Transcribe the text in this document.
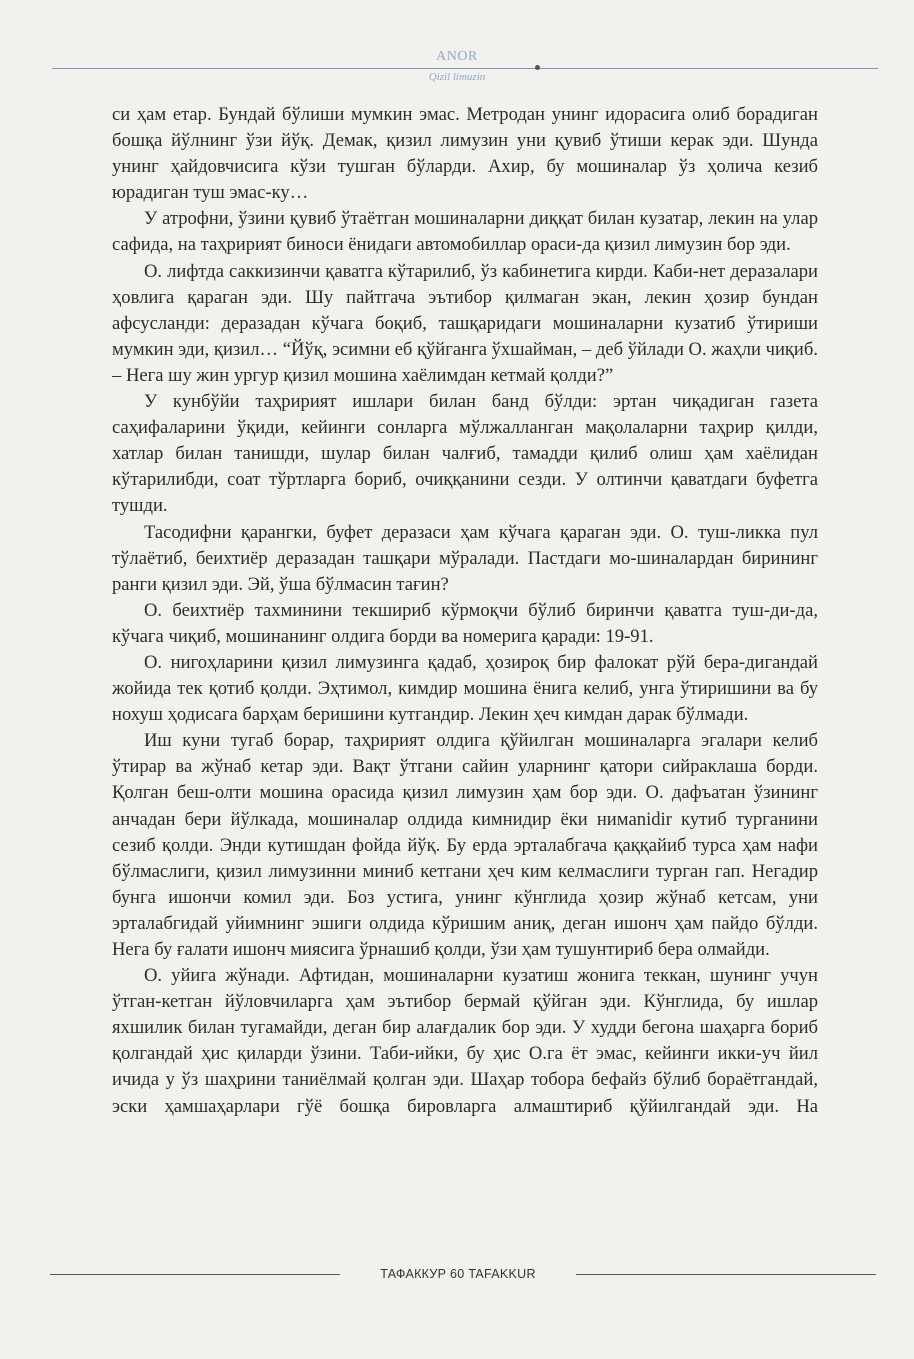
ANOR
Qizil limuzin

си ҳам етар. Бундай бўлиши мумкин эмас. Метродан унинг идорасига олиб борадиган бошқа йўлнинг ўзи йўқ. Демак, қизил лимузин уни қувиб ўтиши керак эди. Шунда унинг ҳайдовчисига кўзи тушган бўларди. Ахир, бу мошиналар ўз ҳолича кезиб юрадиган туш эмас-ку…

У атрофни, ўзини қувиб ўтаётган мошиналарни диққат билан кузатар, лекин на улар сафида, на таҳририят биноси ёнидаги автомобиллар ораси-да қизил лимузин бор эди.

О. лифтда саккизинчи қаватга кўтарилиб, ўз кабинетига кирди. Каби-нет деразалари ҳовлига қараган эди. Шу пайтгача эътибор қилмаган экан, лекин ҳозир бундан афсусланди: деразадан кўчага боқиб, ташқаридаги мошиналарни кузатиб ўтириши мумкин эди, қизил… “Йўқ, эсимни еб қўйганга ўхшайман, – деб ўйлади О. жаҳли чиқиб. – Нега шу жин ургур қизил мошина хаёлимдан кетмай қолди?”

У кунбўйи таҳририят ишлари билан банд бўлди: эртан чиқадиган газета саҳифаларини ўқиди, кейинги сонларга мўлжалланган мақолаларни таҳрир қилди, хатлар билан танишди, шулар билан чалғиб, тамадди қилиб олиш ҳам хаёлидан кўтарилибди, соат тўртларга бориб, очиққанини сезди. У олтинчи қаватдаги буфетга тушди.

Тасодифни қарангки, буфет деразаси ҳам кўчага қараган эди. О. туш-ликка пул тўлаётиб, беихтиёр деразадан ташқари мўралади. Пастдаги мо-шиналардан бирининг ранги қизил эди. Эй, ўша бўлмасин тағин?

О. беихтиёр тахминини текшириб кўрмоқчи бўлиб биринчи қаватга туш-ди-да, кўчага чиқиб, мошинанинг олдига борди ва номерига қаради: 19-91.

О. нигоҳларини қизил лимузинга қадаб, ҳозироқ бир фалокат рўй бера-дигандай жойида тек қотиб қолди. Эҳтимол, кимдир мошина ёнига келиб, унга ўтиришини ва бу нохуш ҳодисага барҳам беришини кутгандир. Лекин ҳеч кимдан дарак бўлмади.

Иш куни тугаб борар, таҳририят олдига қўйилган мошиналарга эгалари келиб ўтирар ва жўнаб кетар эди. Вақт ўтгани сайин уларнинг қатори сийраклаша борди. Қолган беш-олти мошина орасида қизил лимузин ҳам бор эди. О. дафъатан ўзининг анчадан бери йўлкада, мошиналар олдида кимнидир ёки нимanidir кутиб турганини сезиб қолди. Энди кутишдан фойда йўқ. Бу ерда эрталабгача қаққайиб турса ҳам нафи бўлмаслиги, қизил лимузинни миниб кетгани ҳеч ким келмаслиги турган гап. Негадир бунга ишончи комил эди. Боз устига, унинг кўнглида ҳозир жўнаб кетсам, уни эрталабгидай уйимнинг эшиги олдида кўришим аниқ, деган ишонч ҳам пайдо бўлди. Нега бу ғалати ишонч миясига ўрнашиб қолди, ўзи ҳам тушунтириб бера олмайди.

О. уйига жўнади. Афтидан, мошиналарни кузатиш жонига теккан, шунинг учун ўтган-кетган йўловчиларга ҳам эътибор бермай қўйган эди. Кўнглида, бу ишлар яхшилик билан тугамайди, деган бир алағдалик бор эди. У худди бегона шаҳарга бориб қолгандай ҳис қиларди ўзини. Таби-ийки, бу ҳис О.га ёт эмас, кейинги икки-уч йил ичида у ўз шаҳрини таниёлмай қолган эди. Шаҳар тобора бефайз бўлиб бораётгандай, эски ҳамшаҳарлари гўё бошқа бировларга алмаштириб қўйилгандай эди. На

ТАФАККУР 60 TAFAKKUR
